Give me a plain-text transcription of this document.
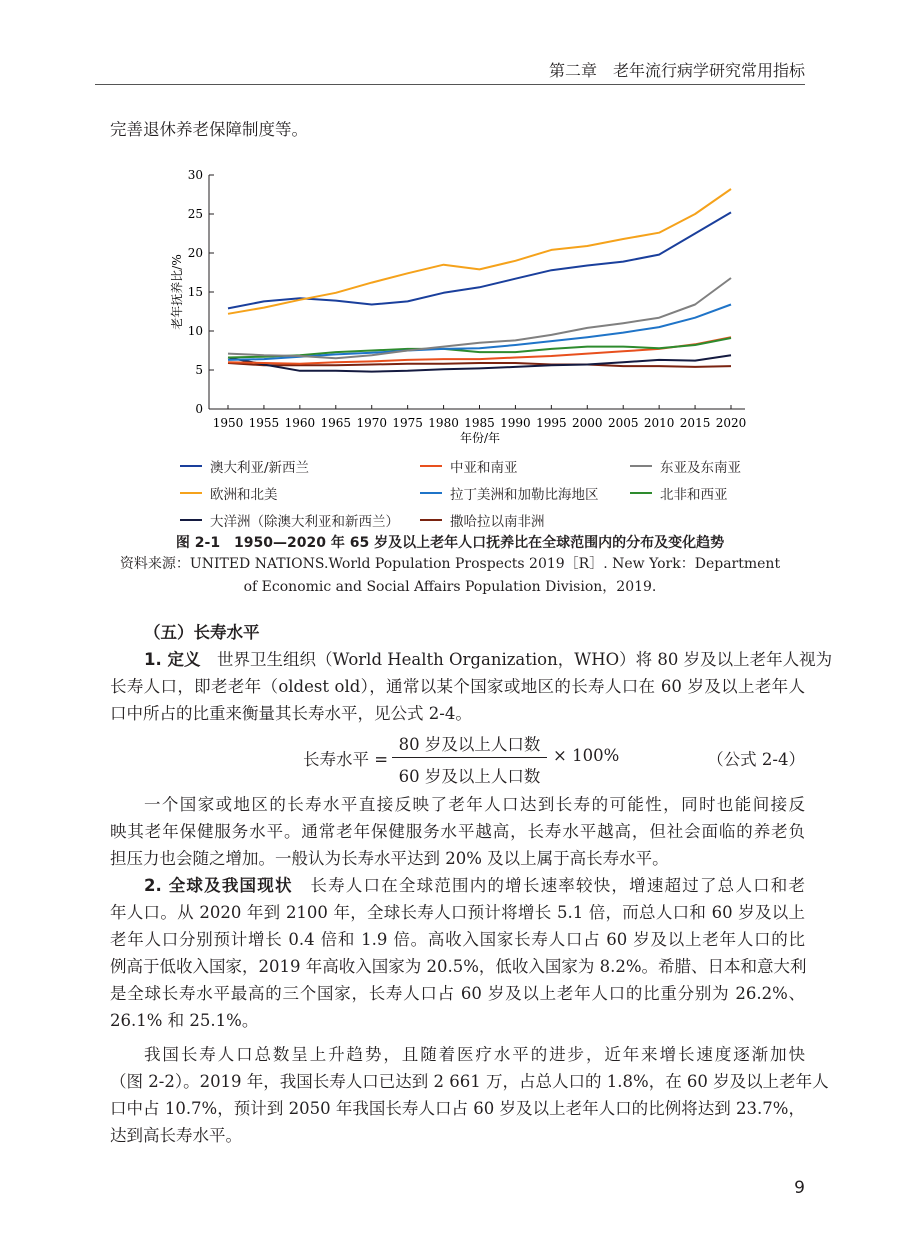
第二章　老年流行病学研究常用指标
完善退休养老保障制度等。
0
5
10
15
20
25
30
1950 1955 1960 1965 1970 1975 1980 1985 1990 1995 2000 2005 2010 2015 2020
年份/年
老年抚养比/%
澳大利亚/新西兰	中亚和南亚	东亚及东南亚
欧洲和北美	拉丁美洲和加勒比海地区	北非和西亚
大洋洲（除澳大利亚和新西兰）	撒哈拉以南非洲
图 2-1　1950—2020 年 65 岁及以上老年人口抚养比在全球范围内的分布及变化趋势
资料来源：UNITED NATIONS.World Population Prospects 2019［R］. New York：Department
of Economic and Social Affairs Population Division，2019.
（五）长寿水平
1. 定义　 世界卫生组织（World Health Organization，WHO）将 80 岁及以上老年人视为
长寿人口，即老老年（oldest old），通常以某个国家或地区的长寿人口在 60 岁及以上老年人
口中所占的比重来衡量其长寿水平，见公式 2-4。
长寿水平 =
80 岁及以上人口数
60 岁及以上人口数
× 100%	（公式 2-4）
一个国家或地区的长寿水平直接反映了老年人口达到长寿的可能性，同时也能间接反
映其老年保健服务水平。通常老年保健服务水平越高，长寿水平越高，但社会面临的养老负
担压力也会随之增加。一般认为长寿水平达到 20% 及以上属于高长寿水平。
2. 全球及我国现状　 长寿人口在全球范围内的增长速率较快，增速超过了总人口和老
年人口。从 2020 年到 2100 年，全球长寿人口预计将增长 5.1 倍，而总人口和 60 岁及以上
老年人口分别预计增长 0.4 倍和 1.9 倍。高收入国家长寿人口占 60 岁及以上老年人口的比
例高于低收入国家，2019 年高收入国家为 20.5%，低收入国家为 8.2%。希腊、日本和意大利
是全球长寿水平最高的三个国家，长寿人口占 60 岁及以上老年人口的比重分别为 26.2%、
26.1% 和 25.1%。
我国长寿人口总数呈上升趋势，且随着医疗水平的进步，近年来增长速度逐渐加快
（图 2-2）。2019 年，我国长寿人口已达到 2 661 万，占总人口的 1.8%，在 60 岁及以上老年人
口中占 10.7%，预计到 2050 年我国长寿人口占 60 岁及以上老年人口的比例将达到 23.7%，
达到高长寿水平。
9
